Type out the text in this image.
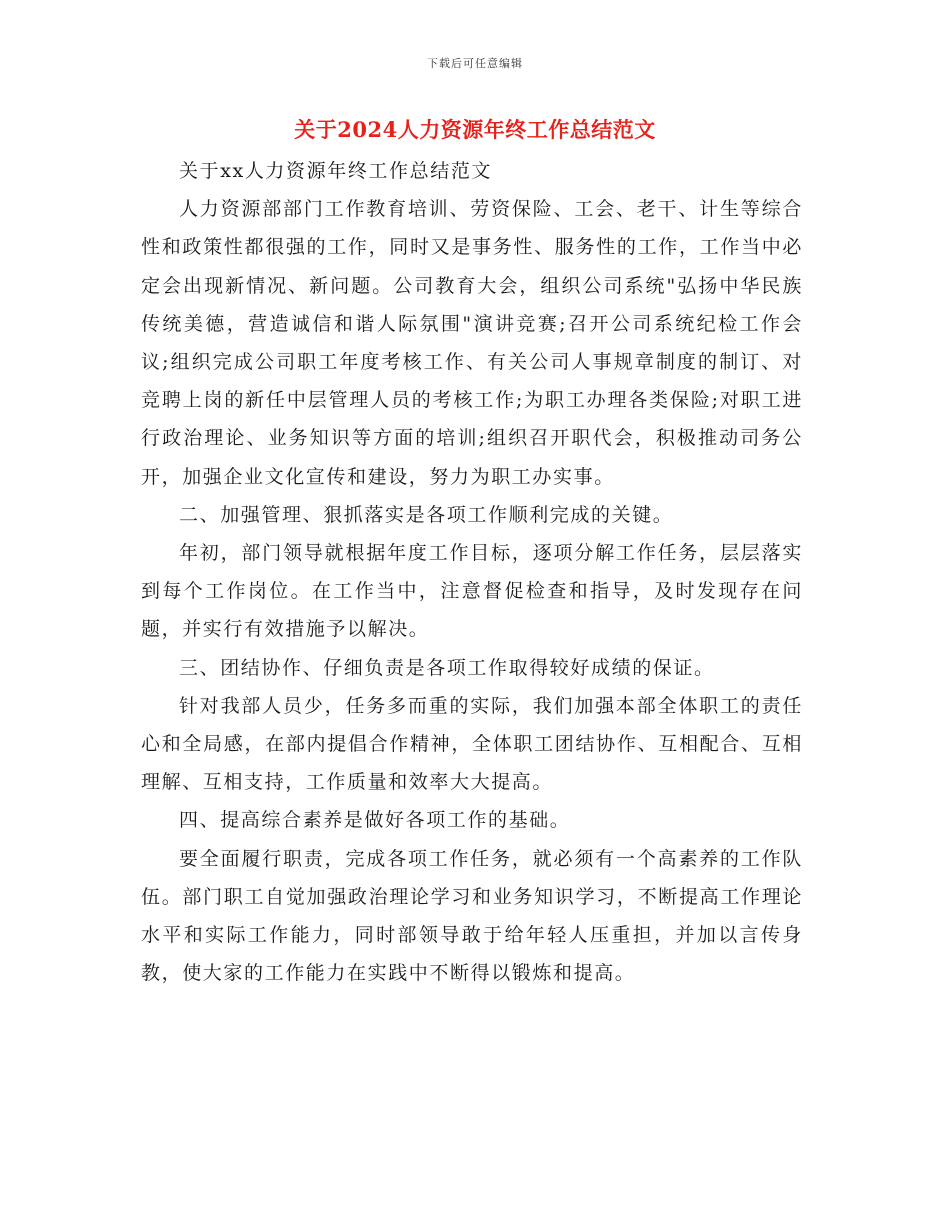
下载后可任意编辑
关于2024人力资源年终工作总结范文

关于xx人力资源年终工作总结范文

人力资源部部门工作教育培训、劳资保险、工会、老干、计生等综合性和政策性都很强的工作，同时又是事务性、服务性的工作，工作当中必定会出现新情况、新问题。公司教育大会，组织公司系统"弘扬中华民族传统美德，营造诚信和谐人际氛围"演讲竞赛;召开公司系统纪检工作会议;组织完成公司职工年度考核工作、有关公司人事规章制度的制订、对竞聘上岗的新任中层管理人员的考核工作;为职工办理各类保险;对职工进行政治理论、业务知识等方面的培训;组织召开职代会，积极推动司务公开，加强企业文化宣传和建设，努力为职工办实事。

二、加强管理、狠抓落实是各项工作顺利完成的关键。

年初，部门领导就根据年度工作目标，逐项分解工作任务，层层落实到每个工作岗位。在工作当中，注意督促检查和指导，及时发现存在问题，并实行有效措施予以解决。

三、团结协作、仔细负责是各项工作取得较好成绩的保证。

针对我部人员少，任务多而重的实际，我们加强本部全体职工的责任心和全局感，在部内提倡合作精神，全体职工团结协作、互相配合、互相理解、互相支持，工作质量和效率大大提高。

四、提高综合素养是做好各项工作的基础。

要全面履行职责，完成各项工作任务，就必须有一个高素养的工作队伍。部门职工自觉加强政治理论学习和业务知识学习，不断提高工作理论水平和实际工作能力，同时部领导敢于给年轻人压重担，并加以言传身教，使大家的工作能力在实践中不断得以锻炼和提高。
